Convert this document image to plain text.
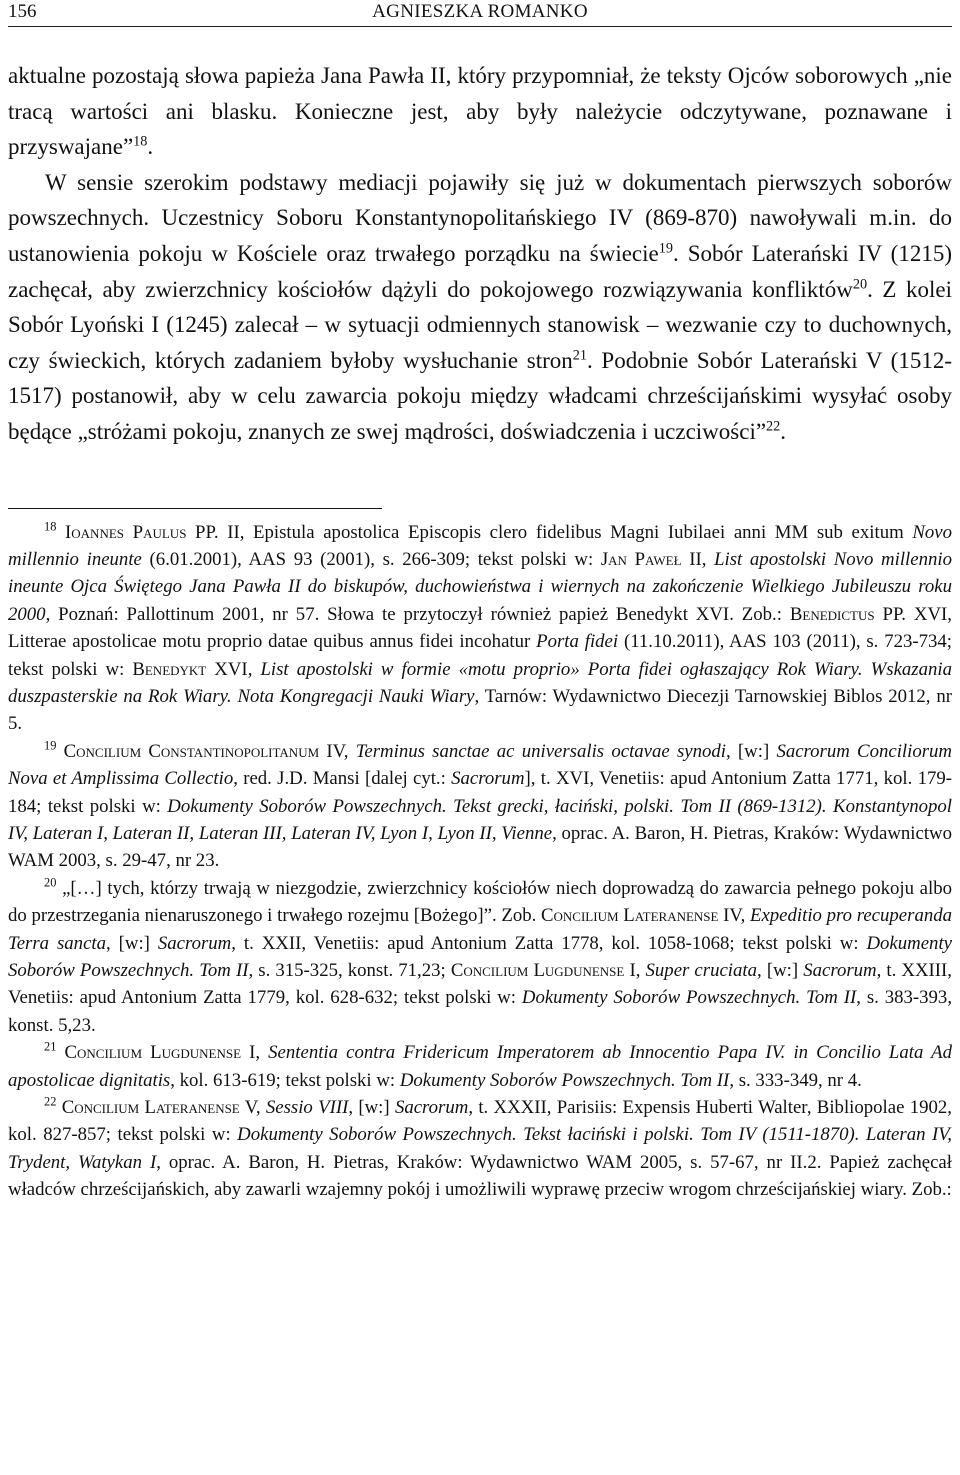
156	AGNIESZKA ROMANKO

aktualne pozostają słowa papieża Jana Pawła II, który przypomniał, że teksty Ojców soborowych „nie tracą wartości ani blasku. Konieczne jest, aby były należycie odczytywane, poznawane i przyswajane”$^{18}$.

W sensie szerokim podstawy mediacji pojawiły się już w dokumentach pierwszych soborów powszechnych. Uczestnicy Soboru Konstantynopolitańskiego IV (869-870) nawoływali m.in. do ustanowienia pokoju w Kościele oraz trwałego porządku na świecie$^{19}$. Sobór Laterański IV (1215) zachęcał, aby zwierzchnicy kościołów dążyli do pokojowego rozwiązywania konfliktów$^{20}$. Z kolei Sobór Lyoński I (1245) zalecał – w sytuacji odmiennych stanowisk – wezwanie czy to duchownych, czy świeckich, których zadaniem byłoby wysłuchanie stron$^{21}$. Podobnie Sobór Laterański V (1512-1517) postanowił, aby w celu zawarcia pokoju między władcami chrześcijańskimi wysyłać osoby będące „stróżami pokoju, znanych ze swej mądrości, doświadczenia i uczciwości”$^{22}$.

$^{18}$ Ioannes Paulus PP. II, Epistula apostolica Episcopis clero fidelibus Magni Iubilaei anni MM sub exitum Novo millennio ineunte (6.01.2001), AAS 93 (2001), s. 266-309; tekst polski w: Jan Paweł II, List apostolski Novo millennio ineunte Ojca Świętego Jana Pawła II do biskupów, duchowieństwa i wiernych na zakończenie Wielkiego Jubileuszu roku 2000, Poznań: Pallottinum 2001, nr 57. Słowa te przytoczył również papież Benedykt XVI. Zob.: Benedictus PP. XVI, Litterae apostolicae motu proprio datae quibus annus fidei incohatur Porta fidei (11.10.2011), AAS 103 (2011), s. 723-734; tekst polski w: Benedykt XVI, List apostolski w formie «motu proprio» Porta fidei ogłaszający Rok Wiary. Wskazania duszpasterskie na Rok Wiary. Nota Kongregacji Nauki Wiary, Tarnów: Wydawnictwo Diecezji Tarnowskiej Biblos 2012, nr 5.

$^{19}$ Concilium Constantinopolitanum IV, Terminus sanctae ac universalis octavae synodi, [w:] Sacrorum Conciliorum Nova et Amplissima Collectio, red. J.D. Mansi [dalej cyt.: Sacrorum], t. XVI, Venetiis: apud Antonium Zatta 1771, kol. 179-184; tekst polski w: Dokumenty Soborów Powszechnych. Tekst grecki, łaciński, polski. Tom II (869-1312). Konstantynopol IV, Lateran I, Lateran II, Lateran III, Lateran IV, Lyon I, Lyon II, Vienne, oprac. A. Baron, H. Pietras, Kraków: Wydawnictwo WAM 2003, s. 29-47, nr 23.

$^{20}$ „[…] tych, którzy trwają w niezgodzie, zwierzchnicy kościołów niech doprowadzą do zawarcia pełnego pokoju albo do przestrzegania nienaruszonego i trwałego rozejmu [Bożego]”. Zob. Concilium Lateranense IV, Expeditio pro recuperanda Terra sancta, [w:] Sacrorum, t. XXII, Venetiis: apud Antonium Zatta 1778, kol. 1058-1068; tekst polski w: Dokumenty Soborów Powszechnych. Tom II, s. 315-325, konst. 71,23; Concilium Lugdunense I, Super cruciata, [w:] Sacrorum, t. XXIII, Venetiis: apud Antonium Zatta 1779, kol. 628-632; tekst polski w: Dokumenty Soborów Powszechnych. Tom II, s. 383-393, konst. 5,23.

$^{21}$ Concilium Lugdunense I, Sententia contra Fridericum Imperatorem ab Innocentio Papa IV. in Concilio Lata Ad apostolicae dignitatis, kol. 613-619; tekst polski w: Dokumenty Soborów Powszechnych. Tom II, s. 333-349, nr 4.

$^{22}$ Concilium Lateranense V, Sessio VIII, [w:] Sacrorum, t. XXXII, Parisiis: Expensis Huberti Walter, Bibliopolae 1902, kol. 827-857; tekst polski w: Dokumenty Soborów Powszechnych. Tekst łaciński i polski. Tom IV (1511-1870). Lateran IV, Trydent, Watykan I, oprac. A. Baron, H. Pietras, Kraków: Wydawnictwo WAM 2005, s. 57-67, nr II.2. Papież zachęcał władców chrześcijańskich, aby zawarli wzajemny pokój i umożliwili wyprawę przeciw wrogom chrześcijańskiej wiary. Zob.:
